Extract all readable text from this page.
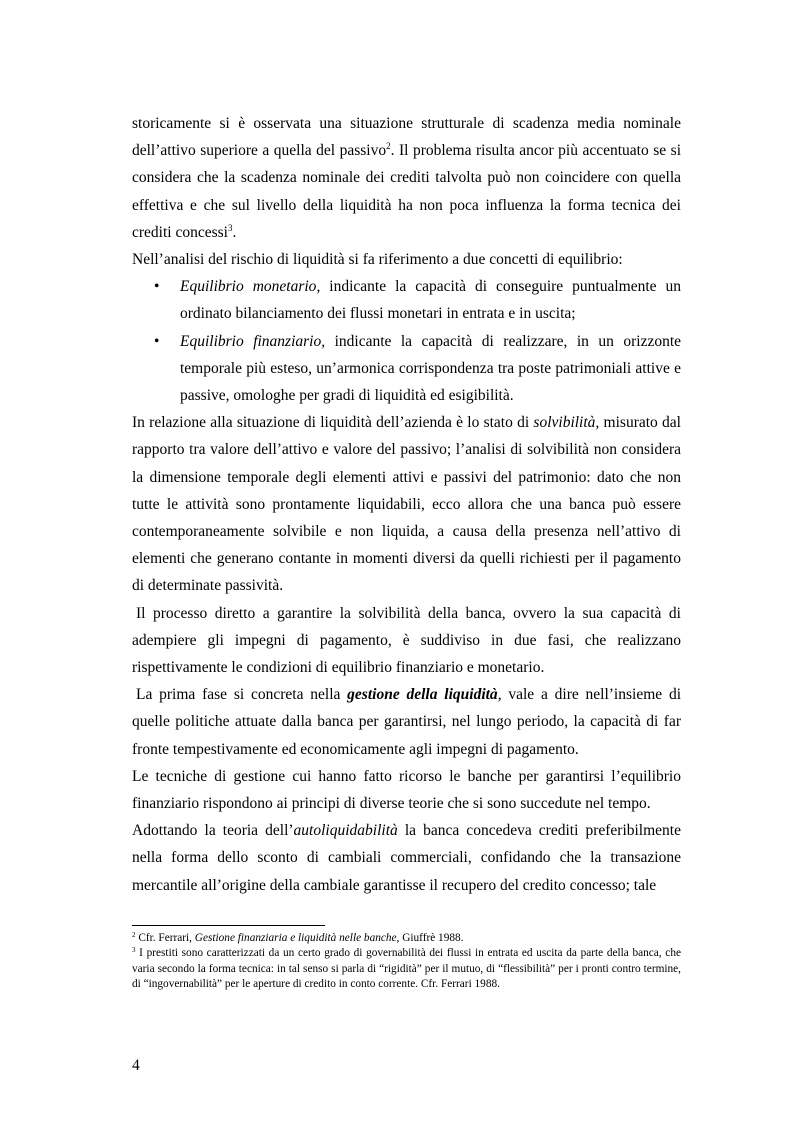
storicamente si è osservata una situazione strutturale di scadenza media nominale dell’attivo superiore a quella del passivo$^2$. Il problema risulta ancor più accentuato se si considera che la scadenza nominale dei crediti talvolta può non coincidere con quella effettiva e che sul livello della liquidità ha non poca influenza la forma tecnica dei crediti concessi$^3$.

Nell’analisi del rischio di liquidità si fa riferimento a due concetti di equilibrio:

• Equilibrio monetario, indicante la capacità di conseguire puntualmente un ordinato bilanciamento dei flussi monetari in entrata e in uscita;
• Equilibrio finanziario, indicante la capacità di realizzare, in un orizzonte temporale più esteso, un’armonica corrispondenza tra poste patrimoniali attive e passive, omologhe per gradi di liquidità ed esigibilità.

In relazione alla situazione di liquidità dell’azienda è lo stato di solvibilità, misurato dal rapporto tra valore dell’attivo e valore del passivo; l’analisi di solvibilità non considera la dimensione temporale degli elementi attivi e passivi del patrimonio: dato che non tutte le attività sono prontamente liquidabili, ecco allora che una banca può essere contemporaneamente solvibile e non liquida, a causa della presenza nell’attivo di elementi che generano contante in momenti diversi da quelli richiesti per il pagamento di determinate passività.

Il processo diretto a garantire la solvibilità della banca, ovvero la sua capacità di adempiere gli impegni di pagamento, è suddiviso in due fasi, che realizzano rispettivamente le condizioni di equilibrio finanziario e monetario.

La prima fase si concreta nella gestione della liquidità, vale a dire nell’insieme di quelle politiche attuate dalla banca per garantirsi, nel lungo periodo, la capacità di far fronte tempestivamente ed economicamente agli impegni di pagamento.

Le tecniche di gestione cui hanno fatto ricorso le banche per garantirsi l’equilibrio finanziario rispondono ai principi di diverse teorie che si sono succedute nel tempo.

Adottando la teoria dell’autoliquidabilità la banca concedeva crediti preferibilmente nella forma dello sconto di cambiali commerciali, confidando che la transazione mercantile all’origine della cambiale garantisse il recupero del credito concesso; tale

$^2$ Cfr. Ferrari, Gestione finanziaria e liquidità nelle banche, Giuffrè 1988.

$^3$ I prestiti sono caratterizzati da un certo grado di governabilità dei flussi in entrata ed uscita da parte della banca, che varia secondo la forma tecnica: in tal senso si parla di “rigidità” per il mutuo, di “flessibilità” per i pronti contro termine, di “ingovernabilità” per le aperture di credito in conto corrente. Cfr. Ferrari 1988.

4
